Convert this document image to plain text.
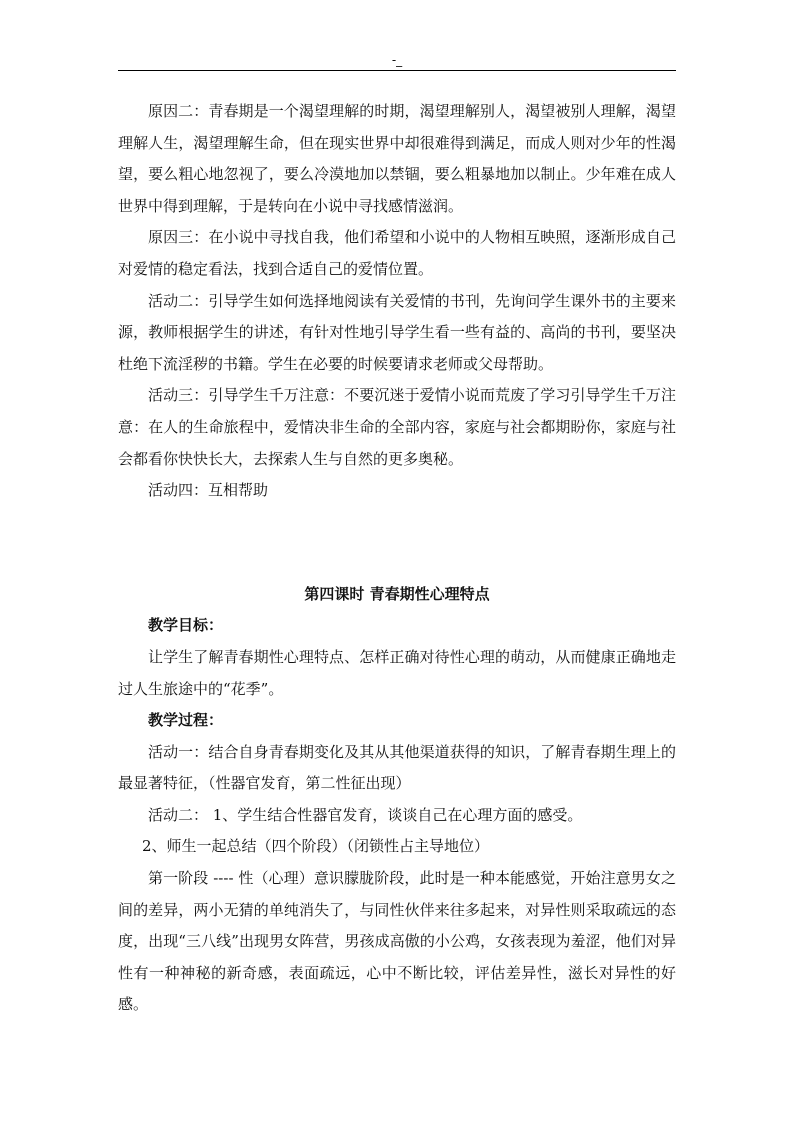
-_

原因二：青春期是一个渴望理解的时期，渴望理解别人，渴望被别人理解，渴望理解人生，渴望理解生命，但在现实世界中却很难得到满足，而成人则对少年的性渴望，要么粗心地忽视了，要么冷漠地加以禁锢，要么粗暴地加以制止。少年难在成人世界中得到理解，于是转向在小说中寻找感情滋润。

原因三：在小说中寻找自我，他们希望和小说中的人物相互映照，逐渐形成自己对爱情的稳定看法，找到合适自己的爱情位置。

活动二：引导学生如何选择地阅读有关爱情的书刊，先询问学生课外书的主要来源，教师根据学生的讲述，有针对性地引导学生看一些有益的、高尚的书刊，要坚决杜绝下流淫秽的书籍。学生在必要的时候要请求老师或父母帮助。

活动三：引导学生千万注意：不要沉迷于爱情小说而荒废了学习引导学生千万注意：在人的生命旅程中，爱情决非生命的全部内容，家庭与社会都期盼你，家庭与社会都看你快快长大，去探索人生与自然的更多奥秘。

活动四：互相帮助

第四课时 青春期性心理特点

教学目标：

让学生了解青春期性心理特点、怎样正确对待性心理的萌动，从而健康正确地走过人生旅途中的“花季”。

教学过程：

活动一：结合自身青春期变化及其从其他渠道获得的知识，了解青春期生理上的最显著特征，（性器官发育，第二性征出现）

活动二： 1、学生结合性器官发育，谈谈自己在心理方面的感受。

2、师生一起总结（四个阶段）（闭锁性占主导地位）

第一阶段 ---- 性（心理）意识朦胧阶段，此时是一种本能感觉，开始注意男女之间的差异，两小无猜的单纯消失了，与同性伙伴来往多起来，对异性则采取疏远的态度，出现“三八线”出现男女阵营，男孩成高傲的小公鸡，女孩表现为羞涩，他们对异性有一种神秘的新奇感，表面疏远，心中不断比较，评估差异性，滋长对异性的好感。
